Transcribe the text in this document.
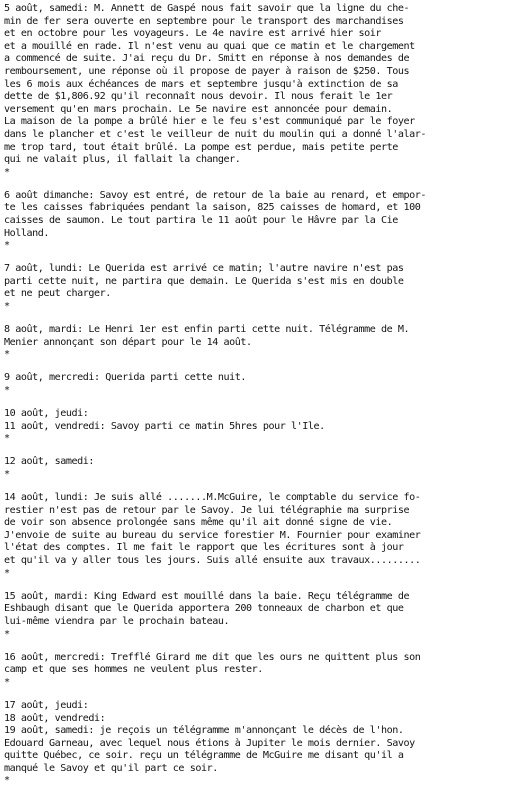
5 août, samedi: M. Annett de Gaspé nous fait savoir que la ligne du che-
min de fer sera ouverte en septembre pour le transport des marchandises
et en octobre pour les voyageurs. Le 4e navire est arrivé hier soir
et a mouillé en rade. Il n'est venu au quai que ce matin et le chargement
a commencé de suite. J'ai reçu du Dr. Smitt en réponse à nos demandes de
remboursement, une réponse où il propose de payer à raison de $250. Tous
les 6 mois aux échéances de mars et septembre jusqu'à extinction de sa
dette de $1,806.92 qu'il reconnaît nous devoir. Il nous ferait le 1er
versement qu'en mars prochain. Le 5e navire est annoncée pour demain.
La maison de la pompe a brûlé hier e le feu s'est communiqué par le foyer
dans le plancher et c'est le veilleur de nuit du moulin qui a donné l'alar-
me trop tard, tout était brûlé. La pompe est perdue, mais petite perte
qui ne valait plus, il fallait la changer.
*
6 août dimanche: Savoy est entré, de retour de la baie au renard, et empor-
te les caisses fabriquées pendant la saison, 825 caisses de homard, et 100
caisses de saumon. Le tout partira le 11 août pour le Hâvre par la Cie
Holland.
*
7 août, lundi: Le Querida est arrivé ce matin; l'autre navire n'est pas
parti cette nuit, ne partira que demain. Le Querida s'est mis en double
et ne peut charger.
*
8 août, mardi: Le Henri 1er est enfin parti cette nuit. Télégramme de M.
Menier annonçant son départ pour le 14 août.
*
9 août, mercredi: Querida parti cette nuit.
*
10 août, jeudi:
11 août, vendredi: Savoy parti ce matin 5hres pour l'Ile.
*
12 août, samedi:
*
14 août, lundi: Je suis allé .......M.McGuire, le comptable du service fo-
restier n'est pas de retour par le Savoy. Je lui télégraphie ma surprise
de voir son absence prolongée sans même qu'il ait donné signe de vie.
J'envoie de suite au bureau du service forestier M. Fournier pour examiner
l'état des comptes. Il me fait le rapport que les écritures sont à jour
et qu'il va y aller tous les jours. Suis allé ensuite aux travaux.........
*
15 août, mardi: King Edward est mouillé dans la baie. Reçu télégramme de
Eshbaugh disant que le Querida apportera 200 tonneaux de charbon et que
lui-même viendra par le prochain bateau.
*
16 août, mercredi: Trefflé Girard me dit que les ours ne quittent plus son
camp et que ses hommes ne veulent plus rester.
*
17 août, jeudi:
18 août, vendredi:
19 août, samedi: je reçois un télégramme m'annonçant le décès de l'hon.
Edouard Garneau, avec lequel nous étions à Jupiter le mois dernier. Savoy
quitte Québec, ce soir. reçu un télégramme de McGuire me disant qu'il a
manqué le Savoy et qu'il part ce soir.
*
